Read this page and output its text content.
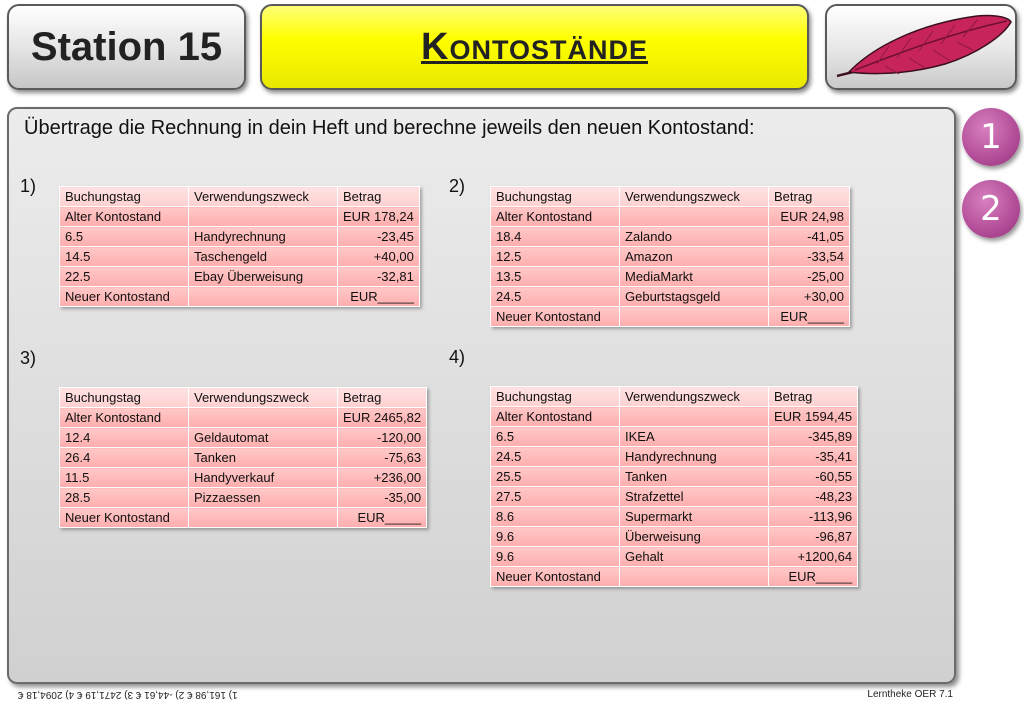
Station 15	Kontostände
Übertrage die Rechnung in dein Heft und berechne jeweils den neuen Kontostand:
1)	2)
3)	4)
Buchungstag	Verwendungszweck	Betrag
Alter Kontostand		EUR 178,24
6.5	Handyrechnung	-23,45
14.5	Taschengeld	+40,00
22.5	Ebay Überweisung	-32,81
Neuer Kontostand		EUR_____
Buchungstag	Verwendungszweck	Betrag
Alter Kontostand		EUR 24,98
18.4	Zalando	-41,05
12.5	Amazon	-33,54
13.5	MediaMarkt	-25,00
24.5	Geburtstagsgeld	+30,00
Neuer Kontostand		EUR_____
Buchungstag	Verwendungszweck	Betrag
Alter Kontostand		EUR 2465,82
12.4	Geldautomat	-120,00
26.4	Tanken	-75,63
11.5	Handyverkauf	+236,00
28.5	Pizzaessen	-35,00
Neuer Kontostand		EUR_____
Buchungstag	Verwendungszweck	Betrag
Alter Kontostand		EUR 1594,45
6.5	IKEA	-345,89
24.5	Handyrechnung	-35,41
25.5	Tanken	-60,55
27.5	Strafzettel	-48,23
8.6	Supermarkt	-113,96
9.6	Überweisung	-96,87
9.6	Gehalt	+1200,64
Neuer Kontostand		EUR_____
1
2
1) 161,98 € 2) -44,61 € 3) 2471,19 € 4) 2094,18 €	Lerntheke OER 7.1
